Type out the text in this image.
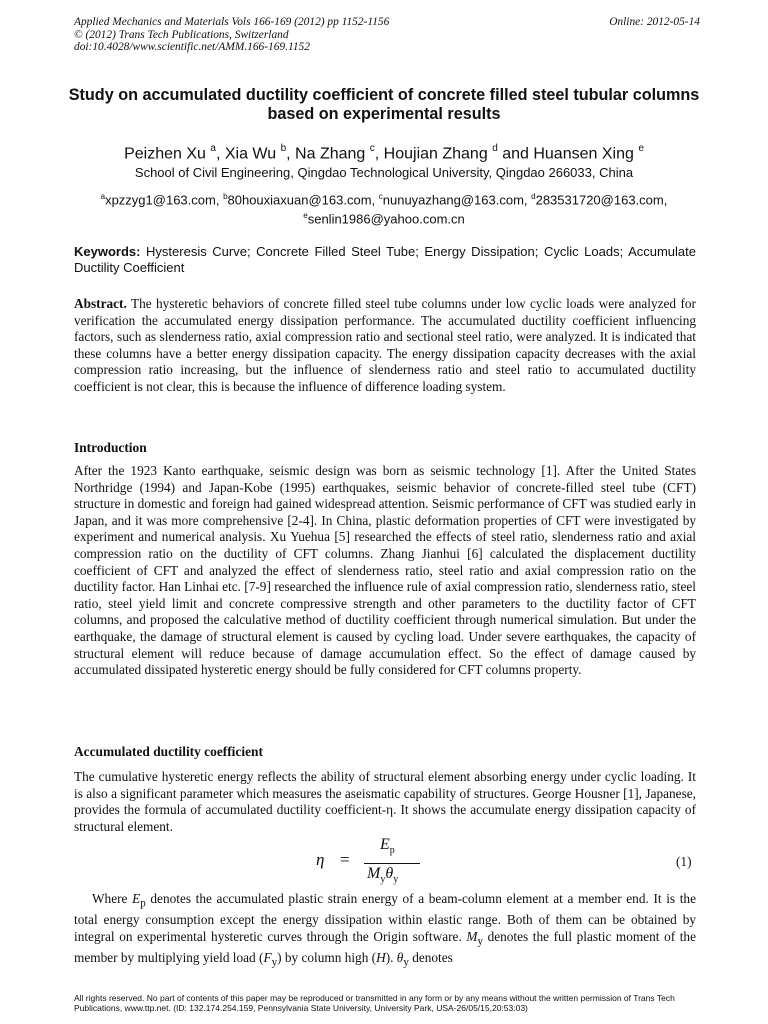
Applied Mechanics and Materials Vols 166-169 (2012) pp 1152-1156
© (2012) Trans Tech Publications, Switzerland
doi:10.4028/www.scientific.net/AMM.166-169.1152
Online: 2012-05-14
Study on accumulated ductility coefficient of concrete filled steel tubular columns based on experimental results
Peizhen Xu $^a$, Xia Wu $^b$, Na Zhang $^c$, Houjian Zhang $^d$ and Huansen Xing $^e$
School of Civil Engineering, Qingdao Technological University, Qingdao 266033, China
$^a$xpzzyg1@163.com, $^b$80houxiaxuan@163.com, $^c$nunuyazhang@163.com, $^d$283531720@163.com,
$^e$senlin1986@yahoo.com.cn
Keywords: Hysteresis Curve; Concrete Filled Steel Tube; Energy Dissipation; Cyclic Loads; Accumulate Ductility Coefficient
Abstract. The hysteretic behaviors of concrete filled steel tube columns under low cyclic loads were analyzed for verification the accumulated energy dissipation performance. The accumulated ductility coefficient influencing factors, such as slenderness ratio, axial compression ratio and sectional steel ratio, were analyzed. It is indicated that these columns have a better energy dissipation capacity. The energy dissipation capacity decreases with the axial compression ratio increasing, but the influence of slenderness ratio and steel ratio to accumulated ductility coefficient is not clear, this is because the influence of difference loading system.
Introduction
After the 1923 Kanto earthquake, seismic design was born as seismic technology [1]. After the United States Northridge (1994) and Japan-Kobe (1995) earthquakes, seismic behavior of concrete-filled steel tube (CFT) structure in domestic and foreign had gained widespread attention. Seismic performance of CFT was studied early in Japan, and it was more comprehensive [2-4]. In China, plastic deformation properties of CFT were investigated by experiment and numerical analysis. Xu Yuehua [5] researched the effects of steel ratio, slenderness ratio and axial compression ratio on the ductility of CFT columns. Zhang Jianhui [6] calculated the displacement ductility coefficient of CFT and analyzed the effect of slenderness ratio, steel ratio and axial compression ratio on the ductility factor. Han Linhai etc. [7-9] researched the influence rule of axial compression ratio, slenderness ratio, steel ratio, steel yield limit and concrete compressive strength and other parameters to the ductility factor of CFT columns, and proposed the calculative method of ductility coefficient through numerical simulation. But under the earthquake, the damage of structural element is caused by cycling load. Under severe earthquakes, the capacity of structural element will reduce because of damage accumulation effect. So the effect of damage caused by accumulated dissipated hysteretic energy should be fully considered for CFT columns property.
Accumulated ductility coefficient
The cumulative hysteretic energy reflects the ability of structural element absorbing energy under cyclic loading. It is also a significant parameter which measures the aseismatic capability of structures. George Housner [1], Japanese, provides the formula of accumulated ductility coefficient-η. It shows the accumulate energy dissipation capacity of structural element.
η =
$E_p$
$M_y\theta_y$
(1)
Where $E_p$ denotes the accumulated plastic strain energy of a beam-column element at a member end. It is the total energy consumption except the energy dissipation within elastic range. Both of them can be obtained by integral on experimental hysteretic curves through the Origin software. $M_y$ denotes the full plastic moment of the member by multiplying yield load $(F_y)$ by column high (H). $\theta_y$ denotes
All rights reserved. No part of contents of this paper may be reproduced or transmitted in any form or by any means without the written permission of Trans Tech Publications, www.ttp.net. (ID: 132.174.254.159, Pennsylvania State University, University Park, USA-26/05/15,20:53:03)
